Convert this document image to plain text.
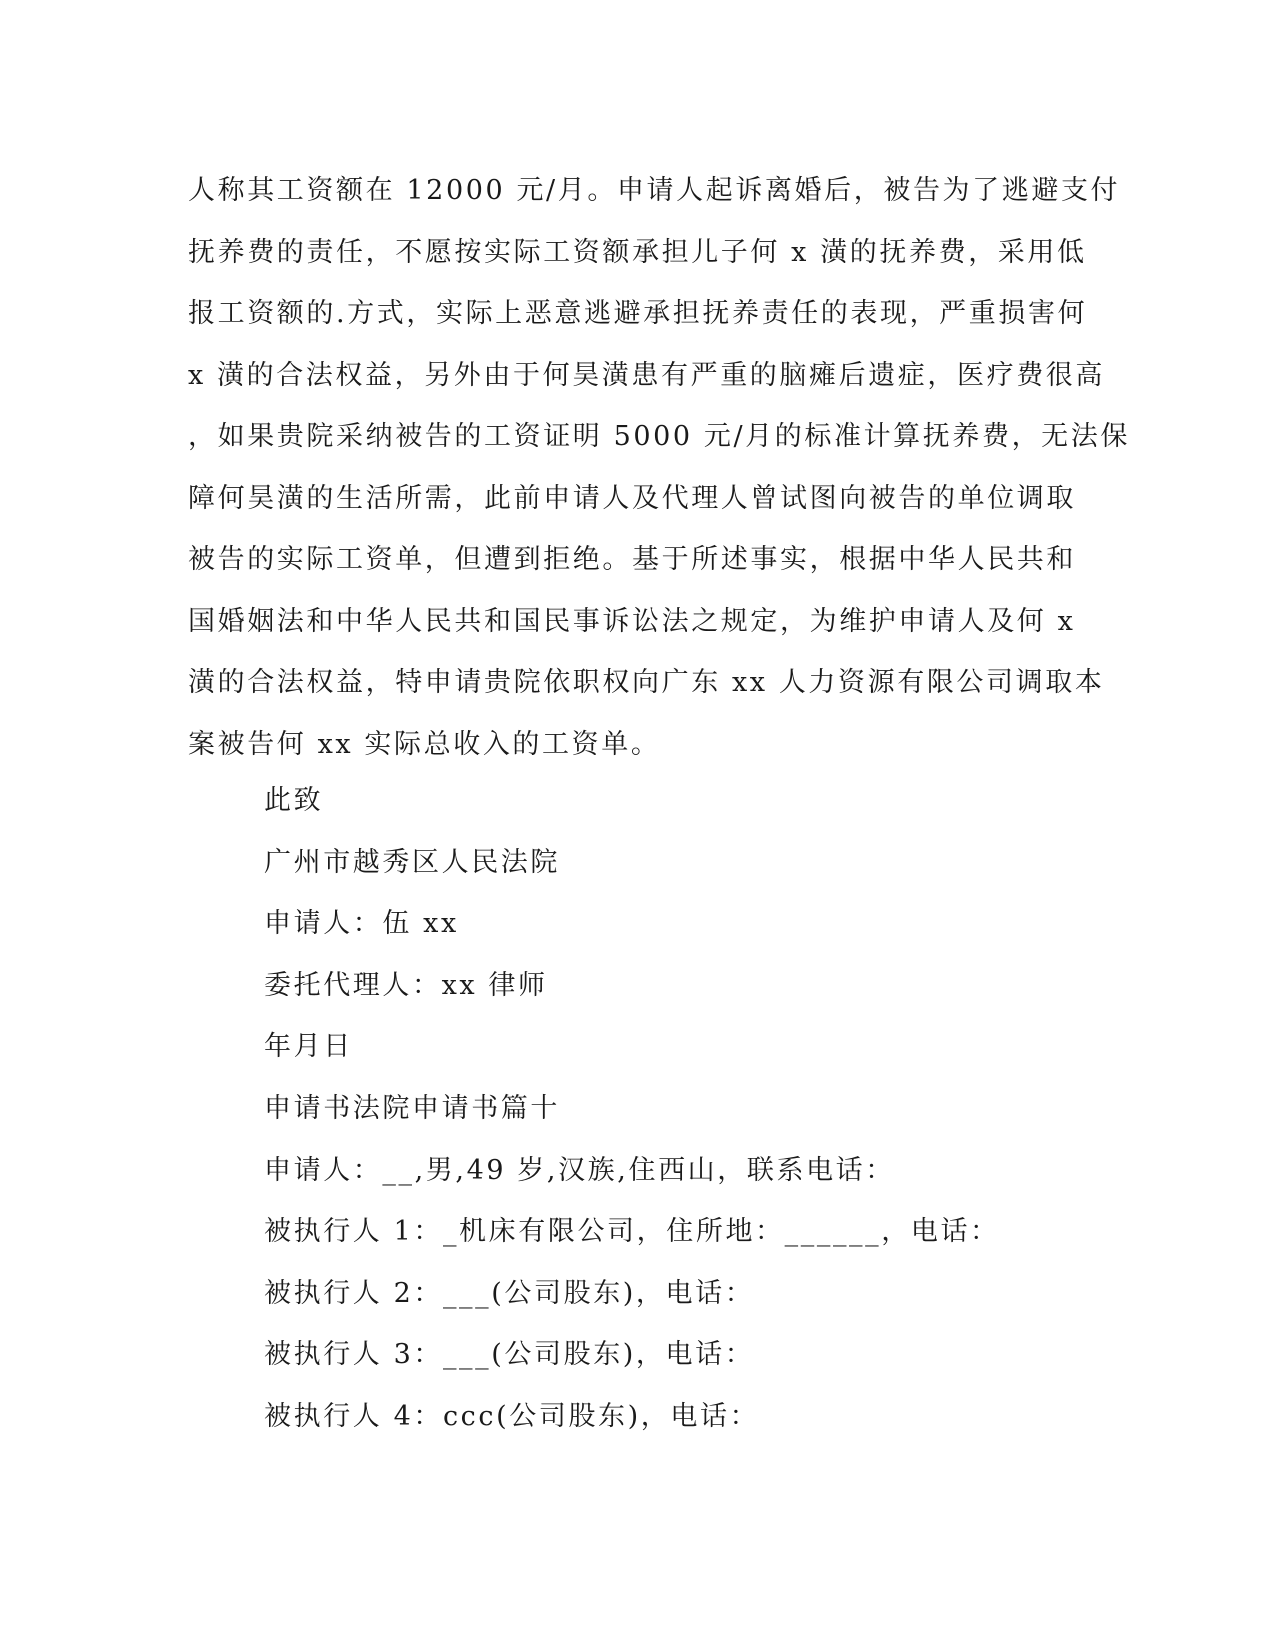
人称其工资额在 12000 元/月。申请人起诉离婚后，被告为了逃避支付
抚养费的责任，不愿按实际工资额承担儿子何 x 潢的抚养费，采用低
报工资额的.方式，实际上恶意逃避承担抚养责任的表现，严重损害何
x 潢的合法权益，另外由于何昊潢患有严重的脑瘫后遗症，医疗费很高
，如果贵院采纳被告的工资证明 5000 元/月的标准计算抚养费，无法保
障何昊潢的生活所需，此前申请人及代理人曾试图向被告的单位调取
被告的实际工资单，但遭到拒绝。基于所述事实，根据中华人民共和
国婚姻法和中华人民共和国民事诉讼法之规定，为维护申请人及何 x
潢的合法权益，特申请贵院依职权向广东 xx 人力资源有限公司调取本
案被告何 xx 实际总收入的工资单。
此致
广州市越秀区人民法院
申请人：伍 xx
委托代理人：xx 律师
年月日
申请书法院申请书篇十
申请人：__,男,49 岁,汉族,住西山，联系电话：
被执行人 1：_机床有限公司，住所地：______，电话：
被执行人 2：___(公司股东)，电话：
被执行人 3：___(公司股东)，电话：
被执行人 4：ccc(公司股东)，电话：
